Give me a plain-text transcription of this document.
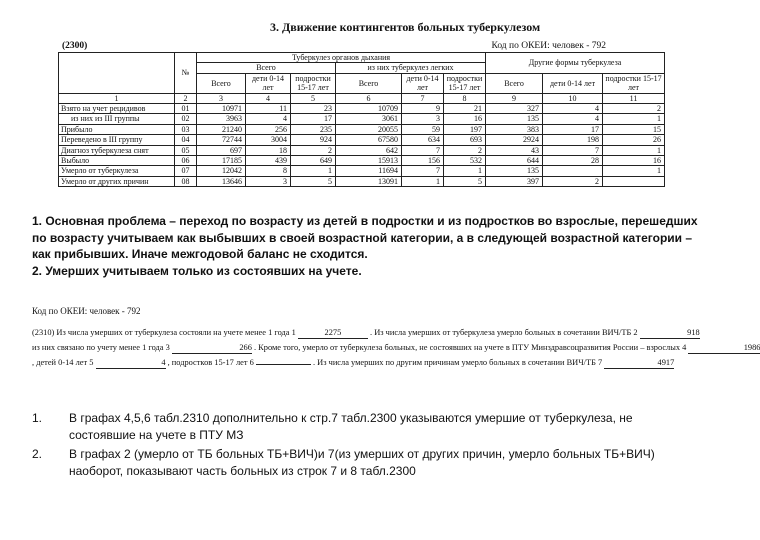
3. Движение контингентов больных туберкулезом
(2300)	Код по ОКЕИ: человек - 792
	№	Туберкулез органов дыхания						Другие формы туберкулеза		
		Всего			из них туберкулез легких					
		Всего	дети 0-14 лет	подростки 15-17 лет	Всего	дети 0-14 лет	подростки 15-17 лет	Всего	дети 0-14 лет	подростки 15-17 лет
1	2	3	4	5	6	7	8	9	10	11
Взято на учет рецидивов	01	10971	11	23	10709	9	21	327	4	2
из них из III группы	02	3963	4	17	3061	3	16	135	4	1
Прибыло	03	21240	256	235	20055	59	197	383	17	15
Переведено в III группу	04	72744	3004	924	67580	634	693	2924	198	26
Диагноз туберкулеза снят	05	697	18	2	642	7	2	43	7	1
Выбыло	06	17185	439	649	15913	156	532	644	28	16
Умерло от туберкулеза	07	12042	8	1	11694	7	1	135		1
Умерло от других причин	08	13646	3	5	13091	1	5	397	2	

1. Основная проблема – переход по возрасту из детей в подростки и из подростков во взрослые, перешедших по возрасту учитываем как выбывших в своей возрастной категории, а в следующей возрастной категории – как прибывших. Иначе межгодовой баланс не сходится.

2. Умерших учитываем только из состоявших на учете.

Код по ОКЕИ: человек - 792
(2310) Из числа умерших от туберкулеза состояли на учете менее 1 года 1	2275	. Из числа умерших от туберкулеза умерло больных в сочетании ВИЧ/ТБ 2	918
из них связано по учету менее 1 года 3	266 . Кроме того, умерло от туберкулеза больных, не состоявших на учете в ПТУ Минздравсоцразвития России – взрослых 4	1986
, детей 0-14 лет 5	4 , подростков 15-17 лет 6	. Из числа умерших по другим причинам умерло больных в сочетании ВИЧ/ТБ 7	4917
1. В графах 4,5,6 табл.2310 дополнительно к стр.7 табл.2300 указываются умершие от туберкулеза, не состоявшие на учете в ПТУ МЗ
2. В графах 2 (умерло от ТБ больных ТБ+ВИЧ)и 7(из умерших от других причин, умерло больных ТБ+ВИЧ) наоборот, показывают часть больных из строк 7 и 8 табл.2300
